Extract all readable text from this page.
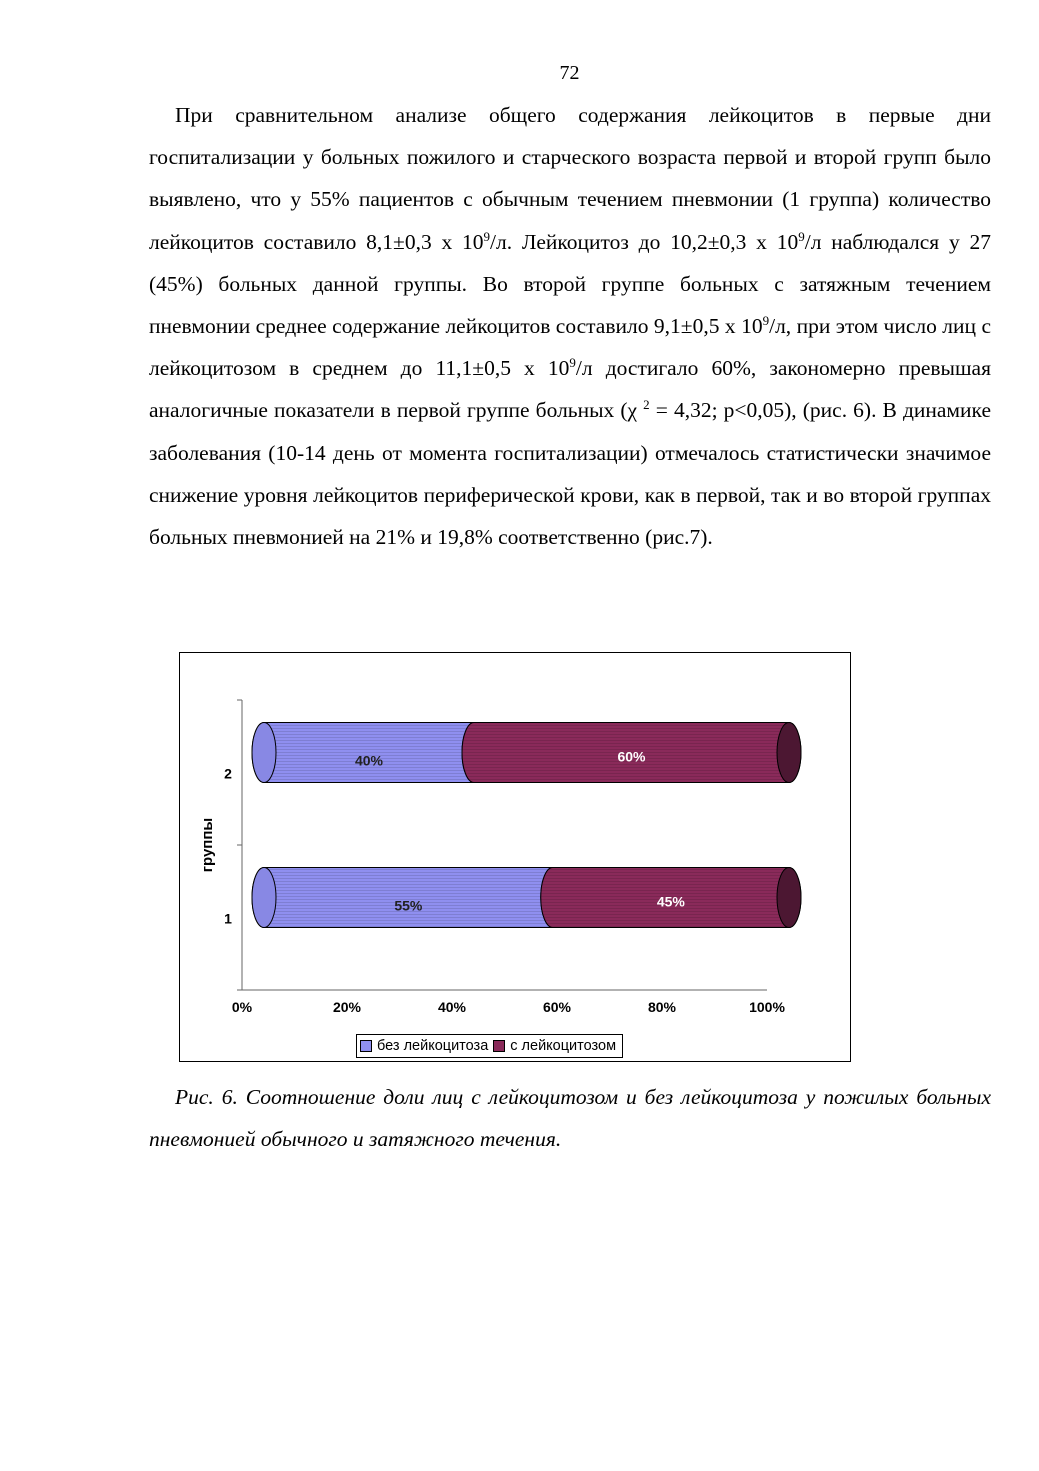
72

При сравнительном анализе общего содержания лейкоцитов в первые дни госпитализации у больных пожилого и старческого возраста первой и второй групп было выявлено, что у 55% пациентов с обычным течением пневмонии (1 группа) количество лейкоцитов составило 8,1±0,3 х $10^9/л$. Лейкоцитоз до 10,2±0,3 х $10^9/л$ наблюдался у 27 (45%) больных данной группы. Во второй группе больных с затяжным течением пневмонии среднее содержание лейкоцитов составило 9,1±0,5 х $10^9/л$, при этом число лиц с лейкоцитозом в среднем до 11,1±0,5 х $10^9/л$ достигало 60%, закономерно превышая аналогичные показатели в первой группе больных (χ $^2$ = 4,32; р<0,05), (рис. 6). В динамике заболевания (10-14 день от момента госпитализации) отмечалось статистически значимое снижение уровня лейкоцитов периферической крови, как в первой, так и во второй группах больных пневмонией на 21% и 19,8% соответственно (рис.7).

0%	20%	40%	60%	80%	100%
группы
2
40%	60%
1
55%	45%
без лейкоцитоза с лейкоцитозом

Рис. 6. Соотношение доли лиц с лейкоцитозом и без лейкоцитоза у пожилых больных пневмонией обычного и затяжного течения.
